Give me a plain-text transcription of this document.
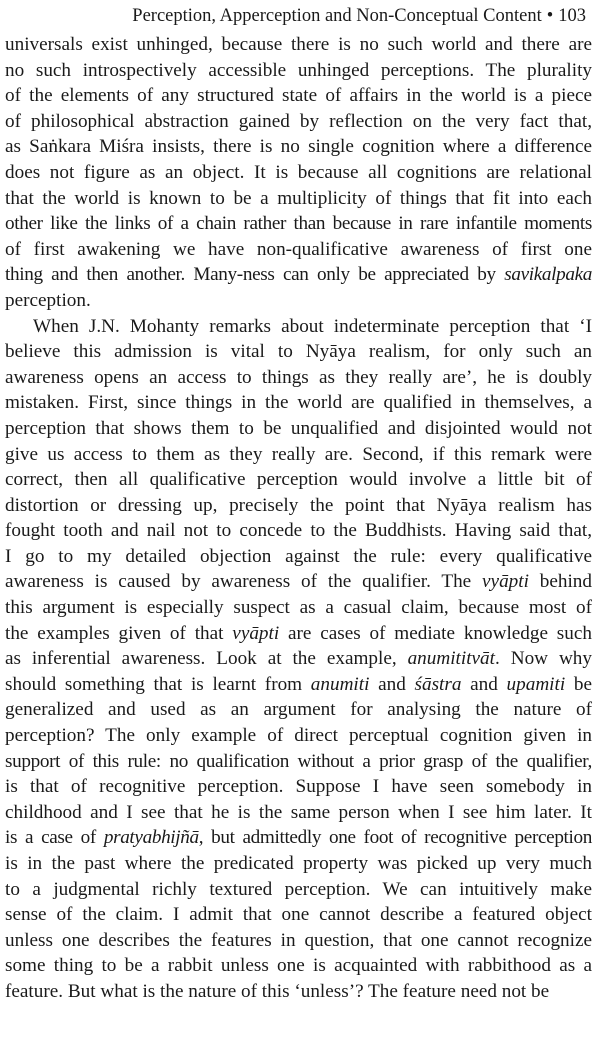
Perception, Apperception and Non-Conceptual Content • 103
universals exist unhinged, because there is no such world and there are
no such introspectively accessible unhinged perceptions. The plurality
of the elements of any structured state of affairs in the world is a piece
of philosophical abstraction gained by reflection on the very fact that,
as Saṅkara Miśra insists, there is no single cognition where a difference
does not figure as an object. It is because all cognitions are relational
that the world is known to be a multiplicity of things that fit into each
other like the links of a chain rather than because in rare infantile moments
of first awakening we have non-qualificative awareness of first one
thing and then another. Many-ness can only be appreciated by savikalpaka
perception.
When J.N. Mohanty remarks about indeterminate perception that ‘I
believe this admission is vital to Nyāya realism, for only such an
awareness opens an access to things as they really are’, he is doubly
mistaken. First, since things in the world are qualified in themselves, a
perception that shows them to be unqualified and disjointed would not
give us access to them as they really are. Second, if this remark were
correct, then all qualificative perception would involve a little bit of
distortion or dressing up, precisely the point that Nyāya realism has
fought tooth and nail not to concede to the Buddhists. Having said that,
I go to my detailed objection against the rule: every qualificative
awareness is caused by awareness of the qualifier. The vyāpti behind
this argument is especially suspect as a casual claim, because most of
the examples given of that vyāpti are cases of mediate knowledge such
as inferential awareness. Look at the example, anumititvāt. Now why
should something that is learnt from anumiti and śāstra and upamiti be
generalized and used as an argument for analysing the nature of
perception? The only example of direct perceptual cognition given in
support of this rule: no qualification without a prior grasp of the qualifier,
is that of recognitive perception. Suppose I have seen somebody in
childhood and I see that he is the same person when I see him later. It
is a case of pratyabhijñā, but admittedly one foot of recognitive perception
is in the past where the predicated property was picked up very much
to a judgmental richly textured perception. We can intuitively make
sense of the claim. I admit that one cannot describe a featured object
unless one describes the features in question, that one cannot recognize
some thing to be a rabbit unless one is acquainted with rabbithood as a
feature. But what is the nature of this ‘unless’? The feature need not be
